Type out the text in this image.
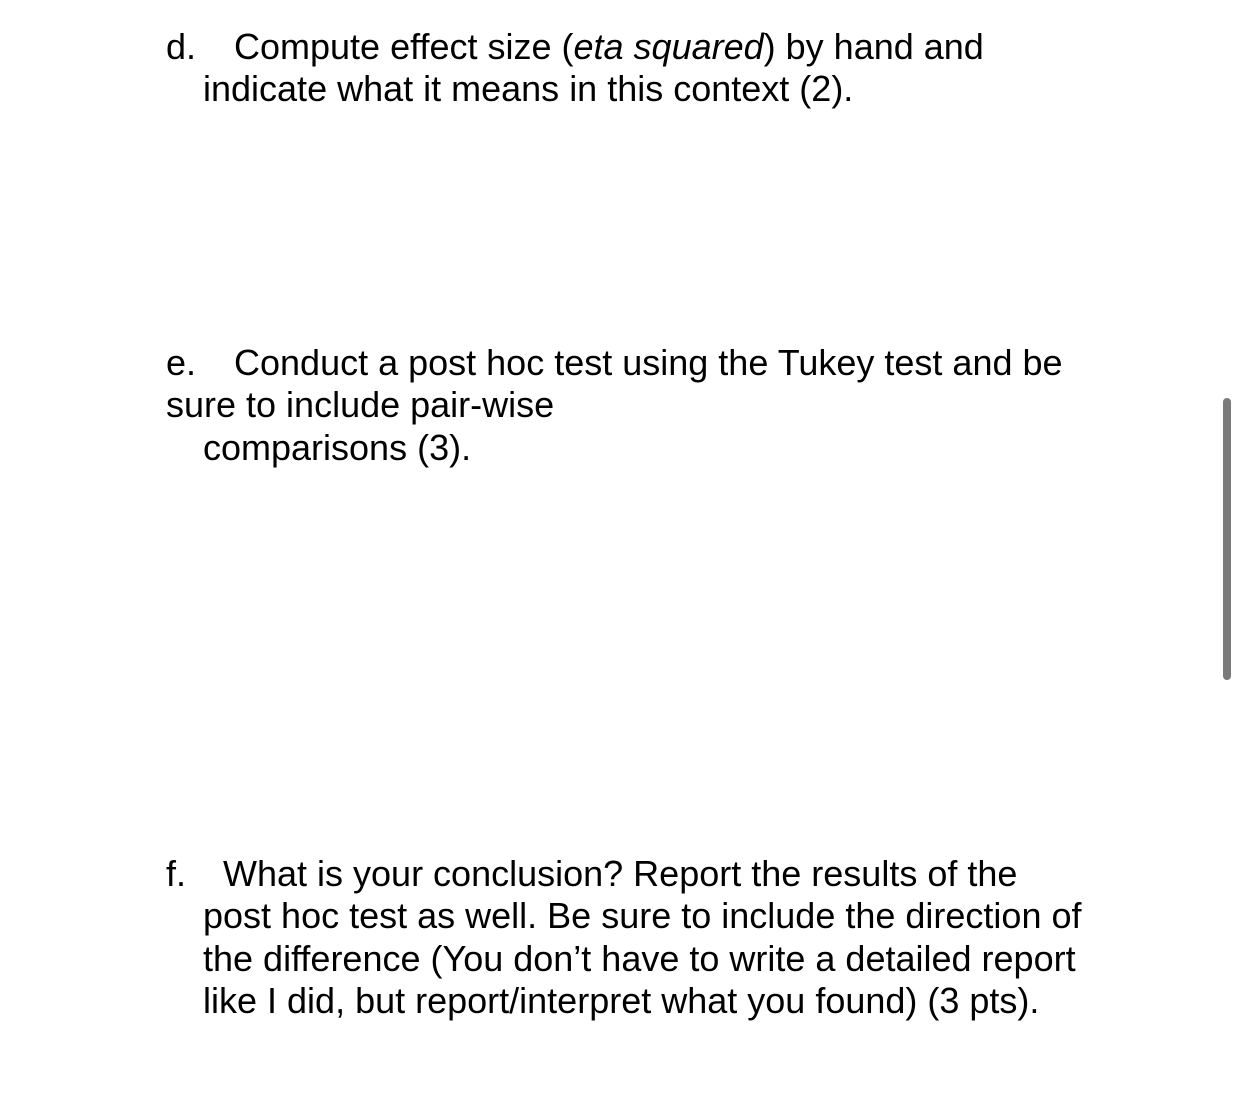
d. Compute effect size (eta squared) by hand and
indicate what it means in this context (2).
e. Conduct a post hoc test using the Tukey test and be
sure to include pair-wise
comparisons (3).
f. What is your conclusion? Report the results of the
post hoc test as well. Be sure to include the direction of
the difference (You don’t have to write a detailed report
like I did, but report/interpret what you found) (3 pts).
